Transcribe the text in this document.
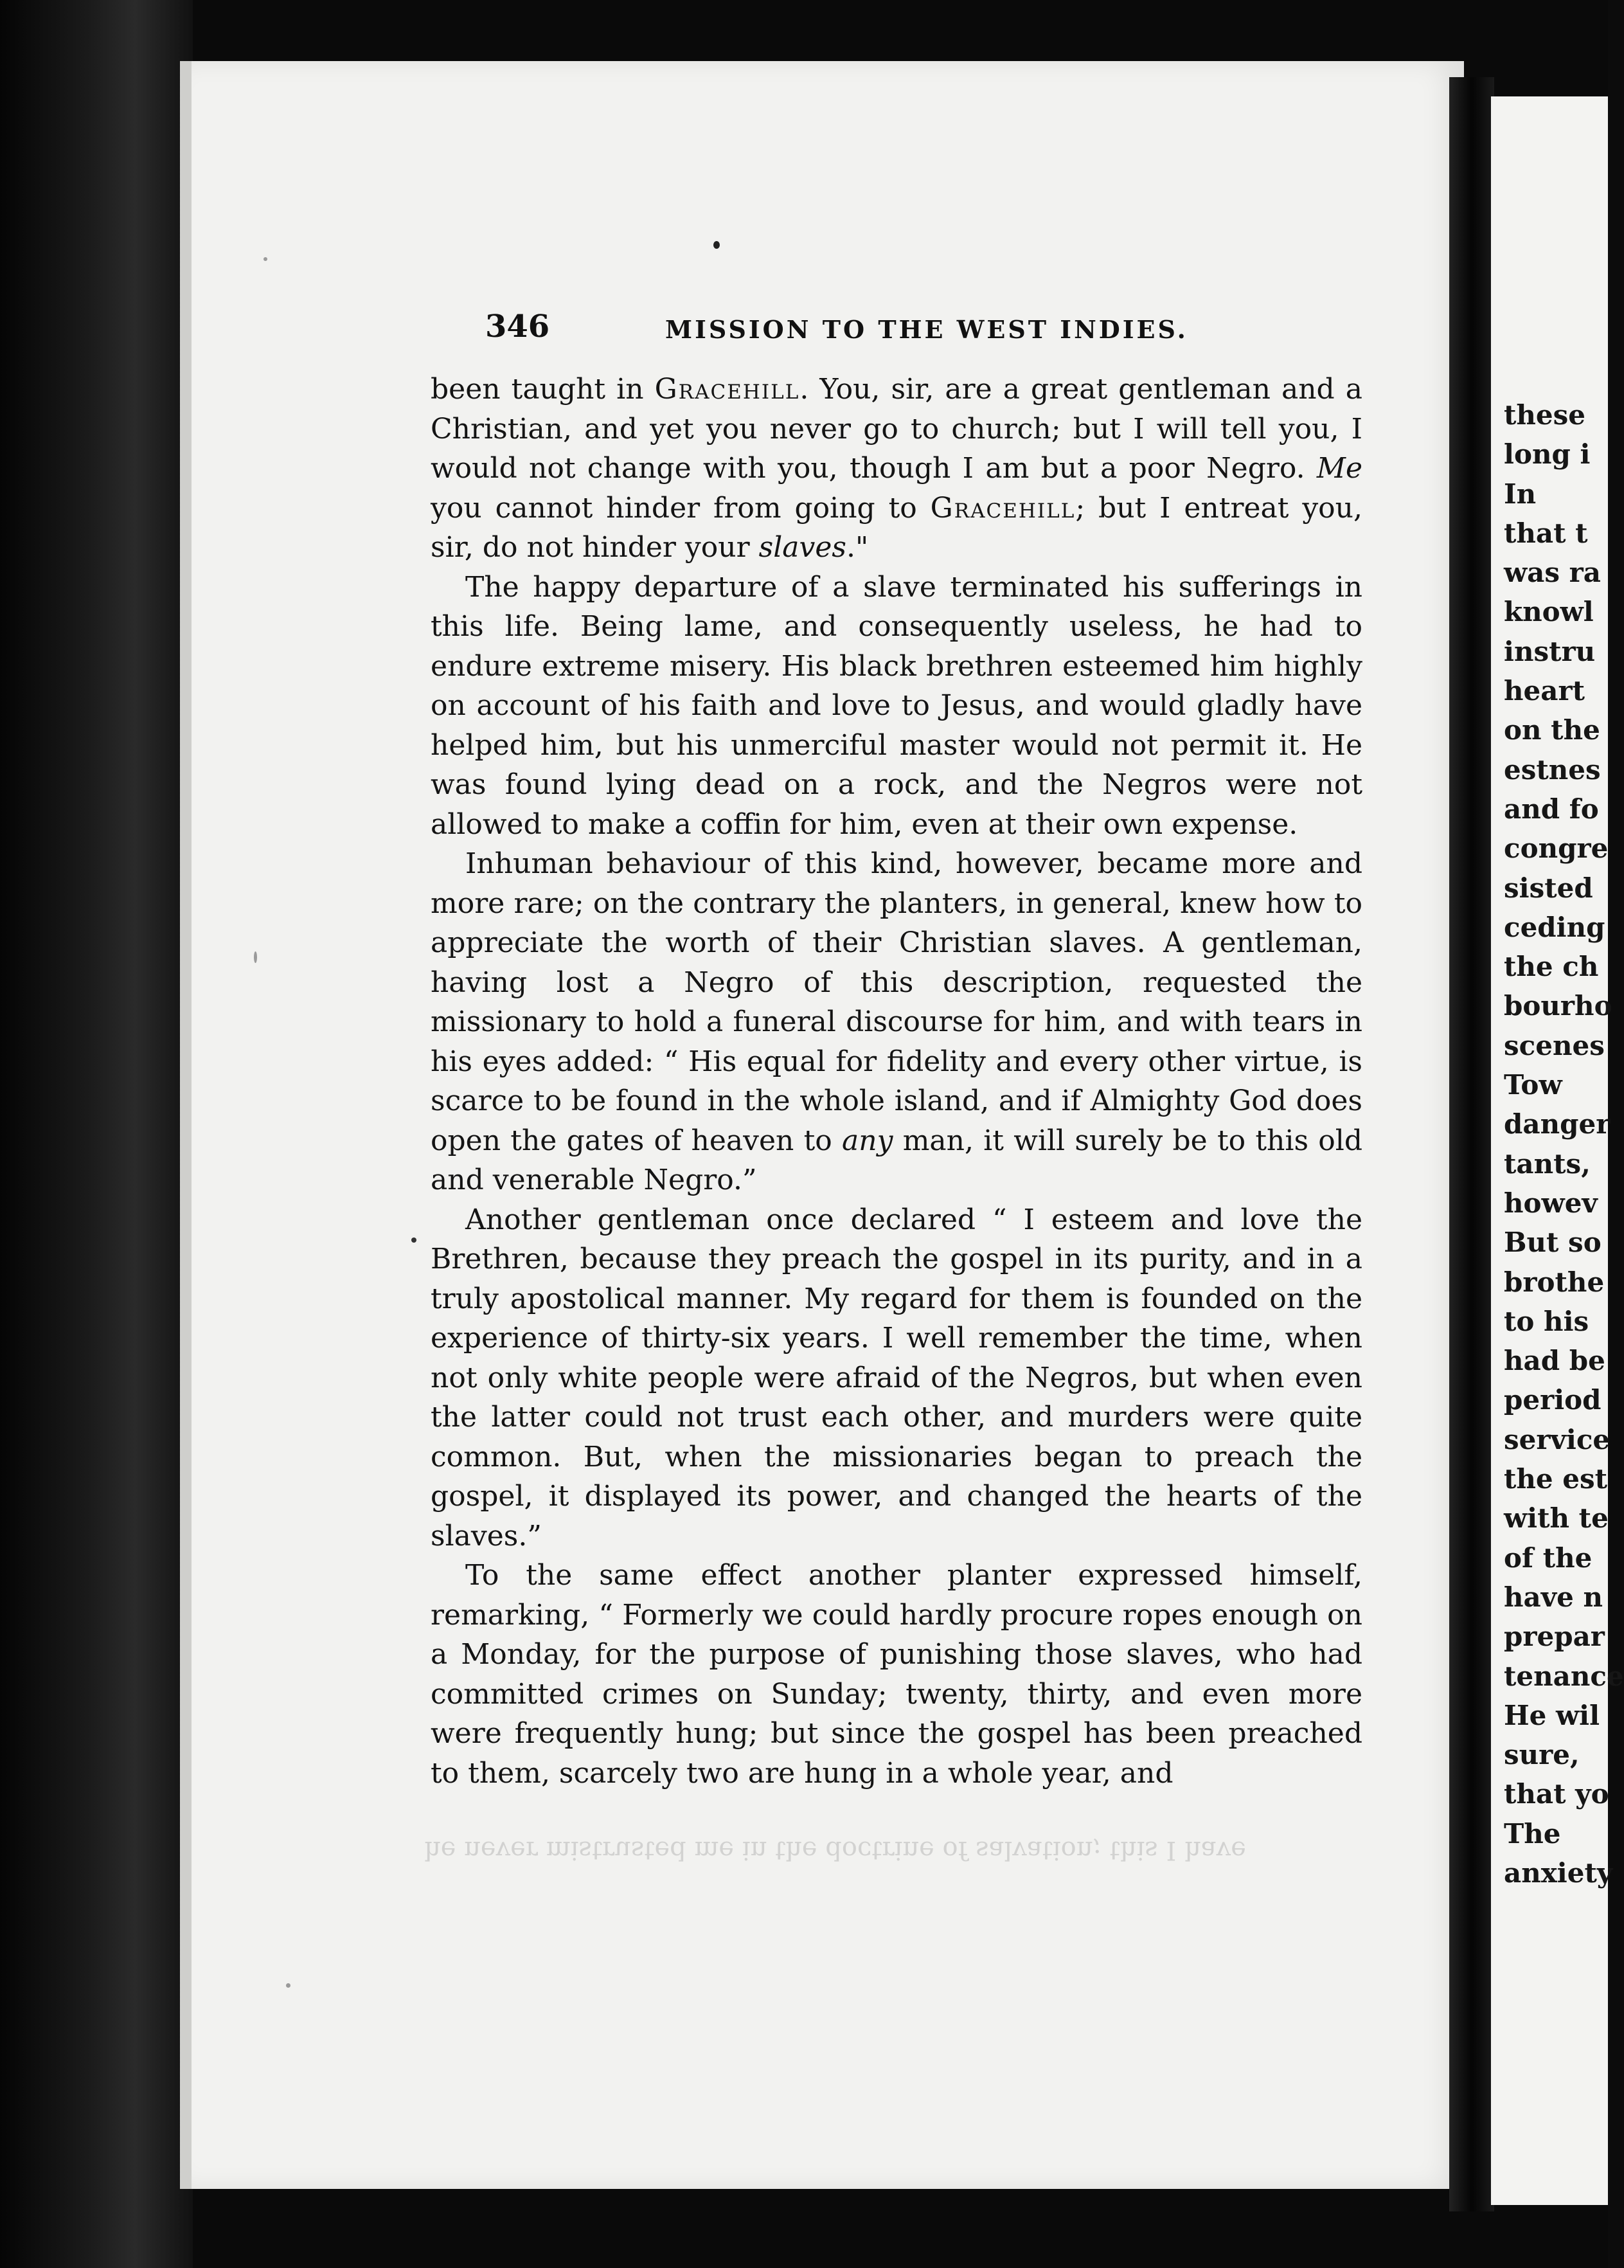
346	MISSION TO THE WEST INDIES.

been taught in Gracehill. You, sir, are a great gentleman and a Christian, and yet you never go to church; but I will tell you, I would not change with you, though I am but a poor Negro. Me you cannot hinder from going to Gracehill; but I entreat you, sir, do not hinder your slaves."

The happy departure of a slave terminated his sufferings in this life. Being lame, and consequently useless, he had to endure extreme misery. His black brethren esteemed him highly on account of his faith and love to Jesus, and would gladly have helped him, but his unmerciful master would not permit it. He was found lying dead on a rock, and the Negros were not allowed to make a coffin for him, even at their own expense.

Inhuman behaviour of this kind, however, became more and more rare; on the contrary the planters, in general, knew how to appreciate the worth of their Christian slaves. A gentleman, having lost a Negro of this description, requested the missionary to hold a funeral discourse for him, and with tears in his eyes added: “ His equal for fidelity and every other virtue, is scarce to be found in the whole island, and if Almighty God does open the gates of heaven to any man, it will surely be to this old and venerable Negro.”

Another gentleman once declared “ I esteem and love the Brethren, because they preach the gospel in its purity, and in a truly apostolical manner. My regard for them is founded on the experience of thirty-six years. I well remember the time, when not only white people were afraid of the Negros, but when even the latter could not trust each other, and murders were quite common. But, when the missionaries began to preach the gospel, it displayed its power, and changed the hearts of the slaves.”

To the same effect another planter expressed himself, remarking, “ Formerly we could hardly procure ropes enough on a Monday, for the purpose of punishing those slaves, who had committed crimes on Sunday; twenty, thirty, and even more were frequently hung; but since the gospel has been preached to them, scarcely two are hung in a whole year, and

these
long i
In
that t
was ra
knowl
instru
heart
on the
estnes
and fo
congre
sisted
ceding
the ch
bourho
scenes
Tow
danger
tants,
howev
But so
brothe
to his
had be
period
service
the est
with te
of the
have n
prepar
tenance
He wil
sure,
that yo
The
anxiety
he never mistrusted me in the doctrine of salvation; this I have
